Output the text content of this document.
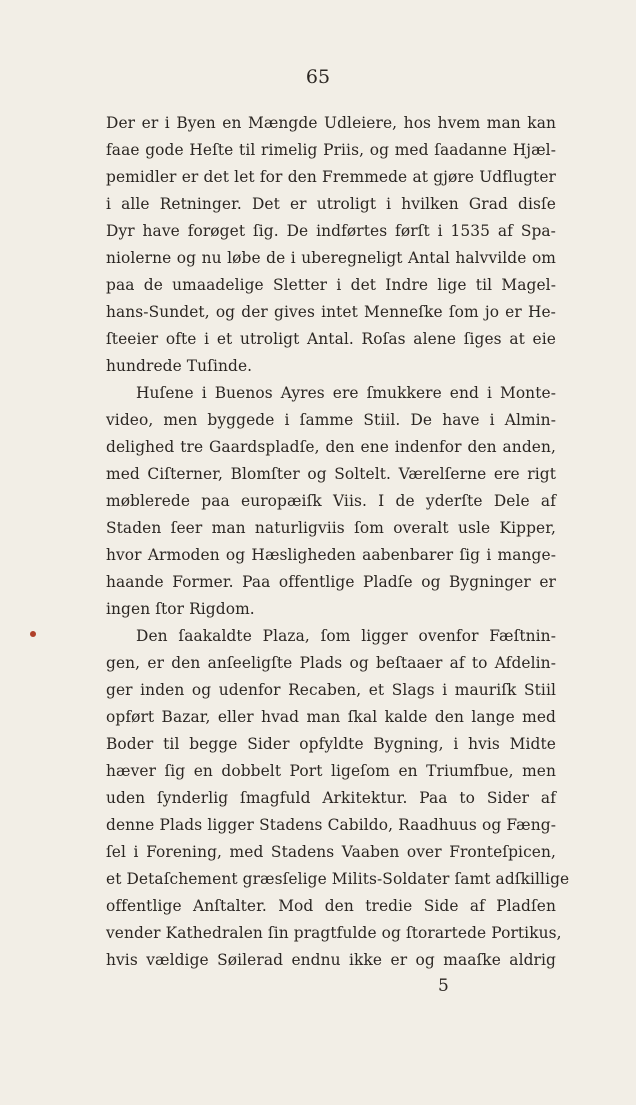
65
Der er i Byen en Mængde Udleiere, hos hvem man kan
faae gode Heſte til rimelig Priis, og med ſaadanne Hjæl-
pemidler er det let for den Fremmede at gjøre Udflugter
i alle Retninger. Det er utroligt i hvilken Grad disſe
Dyr have forøget ſig. De indførtes førſt i 1535 af Spa-
niolerne og nu løbe de i uberegneligt Antal halvvilde om
paa de umaadelige Sletter i det Indre lige til Magel-
hans-Sundet, og der gives intet Menneſke ſom jo er He-
ſteeier ofte i et utroligt Antal. Roſas alene ſiges at eie
hundrede Tuſinde.
Huſene i Buenos Ayres ere ſmukkere end i Monte-
video, men byggede i ſamme Stiil. De have i Almin-
delighed tre Gaardspladſe, den ene indenfor den anden,
med Ciſterner, Blomſter og Soltelt. Værelſerne ere rigt
møblerede paa europæiſk Viis. I de yderſte Dele af
Staden ſeer man naturligviis ſom overalt usle Kipper,
hvor Armoden og Hæsligheden aabenbarer ſig i mange-
haande Former. Paa offentlige Pladſe og Bygninger er
ingen ſtor Rigdom.
Den ſaakaldte Plaza, ſom ligger ovenfor Fæſtnin-
gen, er den anſeeligſte Plads og beſtaaer af to Afdelin-
ger inden og udenfor Recaben, et Slags i mauriſk Stiil
opført Bazar, eller hvad man ſkal kalde den lange med
Boder til begge Sider opfyldte Bygning, i hvis Midte
hæver ſig en dobbelt Port ligeſom en Triumfbue, men
uden ſynderlig ſmagfuld Arkitektur. Paa to Sider af
denne Plads ligger Stadens Cabildo, Raadhuus og Fæng-
ſel i Forening, med Stadens Vaaben over Fronteſpicen,
et Detaſchement græsſelige Milits-Soldater ſamt adſkillige
offentlige Anſtalter. Mod den tredie Side af Pladſen
vender Kathedralen ſin pragtfulde og ſtorartede Portikus,
hvis vældige Søilerad endnu ikke er og maaſke aldrig
5
